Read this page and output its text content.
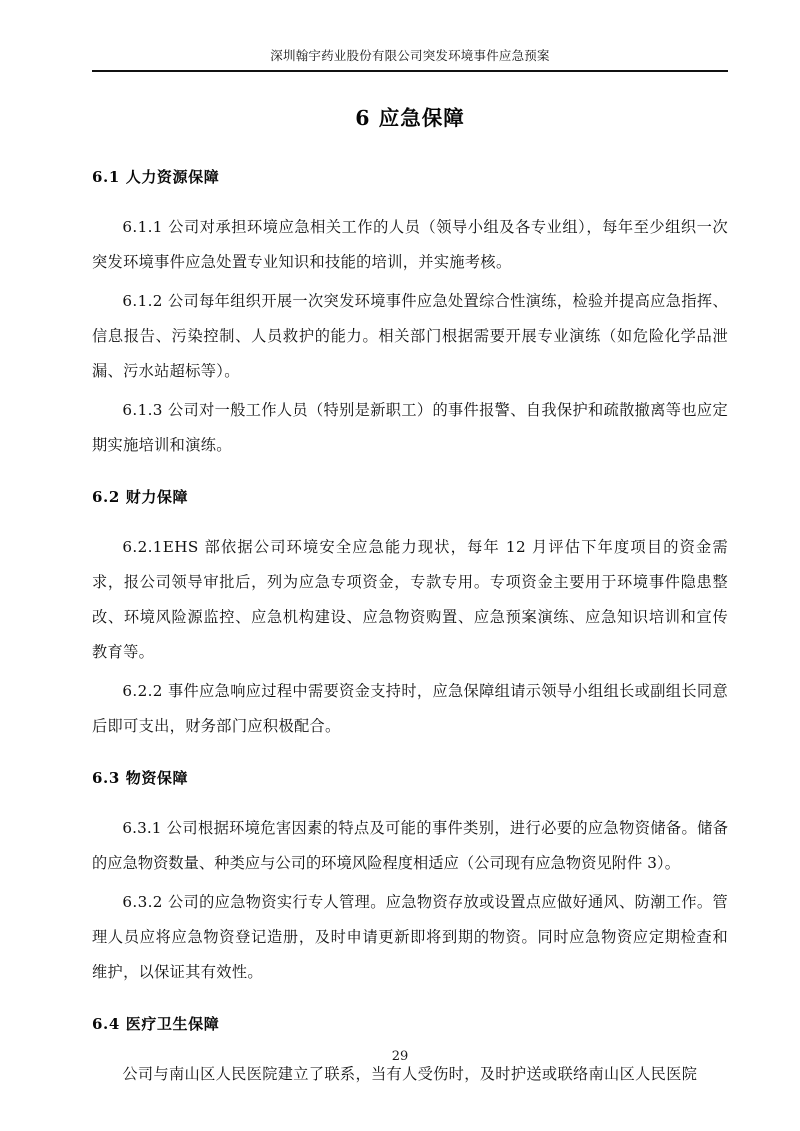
深圳翰宇药业股份有限公司突发环境事件应急预案
6 应急保障
6.1 人力资源保障

6.1.1 公司对承担环境应急相关工作的人员（领导小组及各专业组），每年至少组织一次突发环境事件应急处置专业知识和技能的培训，并实施考核。

6.1.2 公司每年组织开展一次突发环境事件应急处置综合性演练，检验并提高应急指挥、信息报告、污染控制、人员救护的能力。相关部门根据需要开展专业演练（如危险化学品泄漏、污水站超标等）。

6.1.3 公司对一般工作人员（特别是新职工）的事件报警、自我保护和疏散撤离等也应定期实施培训和演练。

6.2 财力保障

6.2.1EHS 部依据公司环境安全应急能力现状，每年 12 月评估下年度项目的资金需求，报公司领导审批后，列为应急专项资金，专款专用。专项资金主要用于环境事件隐患整改、环境风险源监控、应急机构建设、应急物资购置、应急预案演练、应急知识培训和宣传教育等。

6.2.2 事件应急响应过程中需要资金支持时，应急保障组请示领导小组组长或副组长同意后即可支出，财务部门应积极配合。

6.3 物资保障

6.3.1 公司根据环境危害因素的特点及可能的事件类别，进行必要的应急物资储备。储备的应急物资数量、种类应与公司的环境风险程度相适应（公司现有应急物资见附件 3）。

6.3.2 公司的应急物资实行专人管理。应急物资存放或设置点应做好通风、防潮工作。管理人员应将应急物资登记造册，及时申请更新即将到期的物资。同时应急物资应定期检查和维护，以保证其有效性。

6.4 医疗卫生保障

公司与南山区人民医院建立了联系，当有人受伤时，及时护送或联络南山区人民医院

29
